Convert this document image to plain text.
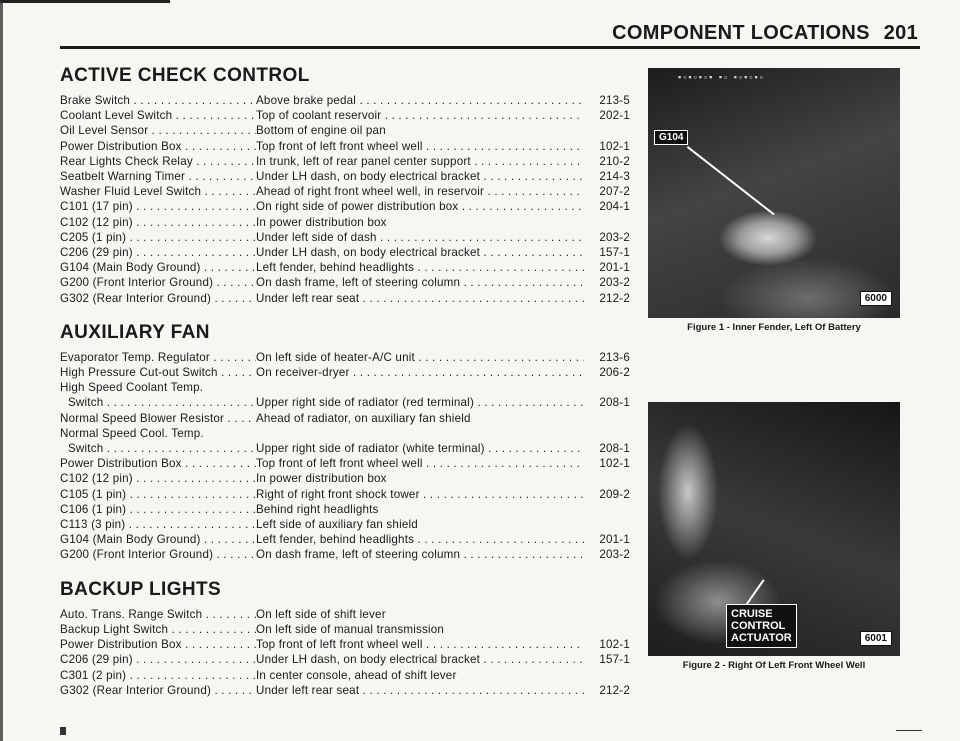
COMPONENT LOCATIONS 201
ACTIVE CHECK CONTROL
Brake Switch . . .	Above brake pedal . . .	213-5
Coolant Level Switch . . .	Top of coolant reservoir . . .	202-1
Oil Level Sensor . . .	Bottom of engine oil pan
Power Distribution Box . . .	Top front of left front wheel well . . .	102-1
Rear Lights Check Relay . . .	In trunk, left of rear panel center support . . .	210-2
Seatbelt Warning Timer . . .	Under LH dash, on body electrical bracket . . .	214-3
Washer Fluid Level Switch . . .	Ahead of right front wheel well, in reservoir . . .	207-2
C101 (17 pin) . . .	On right side of power distribution box . . .	204-1
C102 (12 pin) . . .	In power distribution box
C205 (1 pin) . . .	Under left side of dash . . .	203-2
C206 (29 pin) . . .	Under LH dash, on body electrical bracket . . .	157-1
G104 (Main Body Ground) . . .	Left fender, behind headlights . . .	201-1
G200 (Front Interior Ground) . . .	On dash frame, left of steering column . . .	203-2
G302 (Rear Interior Ground) . . .	Under left rear seat . . .	212-2
AUXILIARY FAN
Evaporator Temp. Regulator . . .	On left side of heater-A/C unit . . .	213-6
High Pressure Cut-out Switch . . .	On receiver-dryer . . .	206-2
High Speed Coolant Temp.
Switch . . .	Upper right side of radiator (red terminal) . . .	208-1
Normal Speed Blower Resistor . . .	Ahead of radiator, on auxiliary fan shield
Normal Speed Cool. Temp.
Switch . . .	Upper right side of radiator (white terminal) . . .	208-1
Power Distribution Box . . .	Top front of left front wheel well . . .	102-1
C102 (12 pin) . . .	In power distribution box
C105 (1 pin) . . .	Right of right front shock tower . . .	209-2
C106 (1 pin) . . .	Behind right headlights
C113 (3 pin) . . .	Left side of auxiliary fan shield
G104 (Main Body Ground) . . .	Left fender, behind headlights . . .	201-1
G200 (Front Interior Ground) . . .	On dash frame, left of steering column . . .	203-2
BACKUP LIGHTS
Auto. Trans. Range Switch . . .	On left side of shift lever
Backup Light Switch . . .	On left side of manual transmission
Power Distribution Box . . .	Top front of left front wheel well . . .	102-1
C206 (29 pin) . . .	Under LH dash, on body electrical bracket . . .	157-1
C301 (2 pin) . . .	In center console, ahead of shift lever
G302 (Rear Interior Ground) . . .	Under left rear seat . . .	212-2
▪▫▪▫▪▫▪ ▪▫ ▪▫▪▫▪▫
G104
6000
Figure 1 - Inner Fender, Left Of Battery
CRUISE
CONTROL
ACTUATOR	6001
Figure 2 - Right Of Left Front Wheel Well
